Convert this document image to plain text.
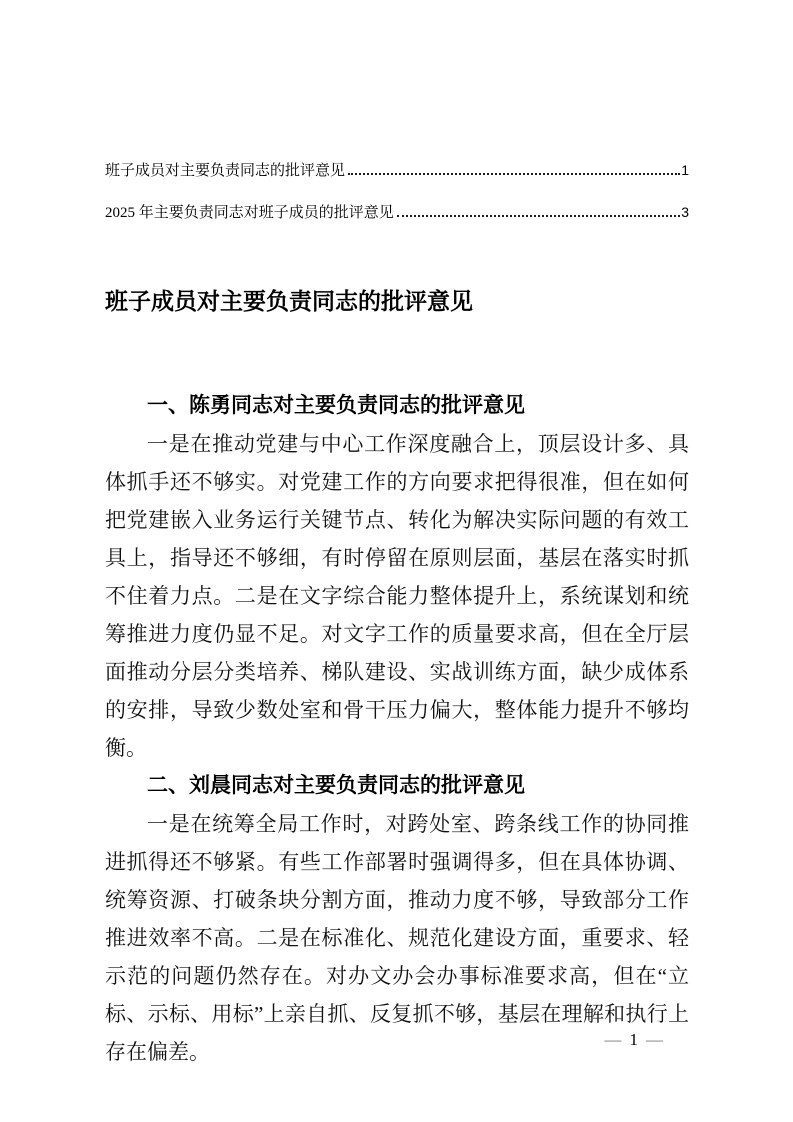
班子成员对主要负责同志的批评意见	1
2025 年主要负责同志对班子成员的批评意见	3
班子成员对主要负责同志的批评意见
一、陈勇同志对主要负责同志的批评意见

一是在推动党建与中心工作深度融合上，顶层设计多、具体抓手还不够实。对党建工作的方向要求把得很准，但在如何把党建嵌入业务运行关键节点、转化为解决实际问题的有效工具上，指导还不够细，有时停留在原则层面，基层在落实时抓不住着力点。二是在文字综合能力整体提升上，系统谋划和统筹推进力度仍显不足。对文字工作的质量要求高，但在全厅层面推动分层分类培养、梯队建设、实战训练方面，缺少成体系的安排，导致少数处室和骨干压力偏大，整体能力提升不够均衡。

二、刘晨同志对主要负责同志的批评意见

一是在统筹全局工作时，对跨处室、跨条线工作的协同推进抓得还不够紧。有些工作部署时强调得多，但在具体协调、统筹资源、打破条块分割方面，推动力度不够，导致部分工作推进效率不高。二是在标准化、规范化建设方面，重要求、轻示范的问题仍然存在。对办文办会办事标准要求高，但在“立标、示标、用标”上亲自抓、反复抓不够，基层在理解和执行上存在偏差。

— 1 —
